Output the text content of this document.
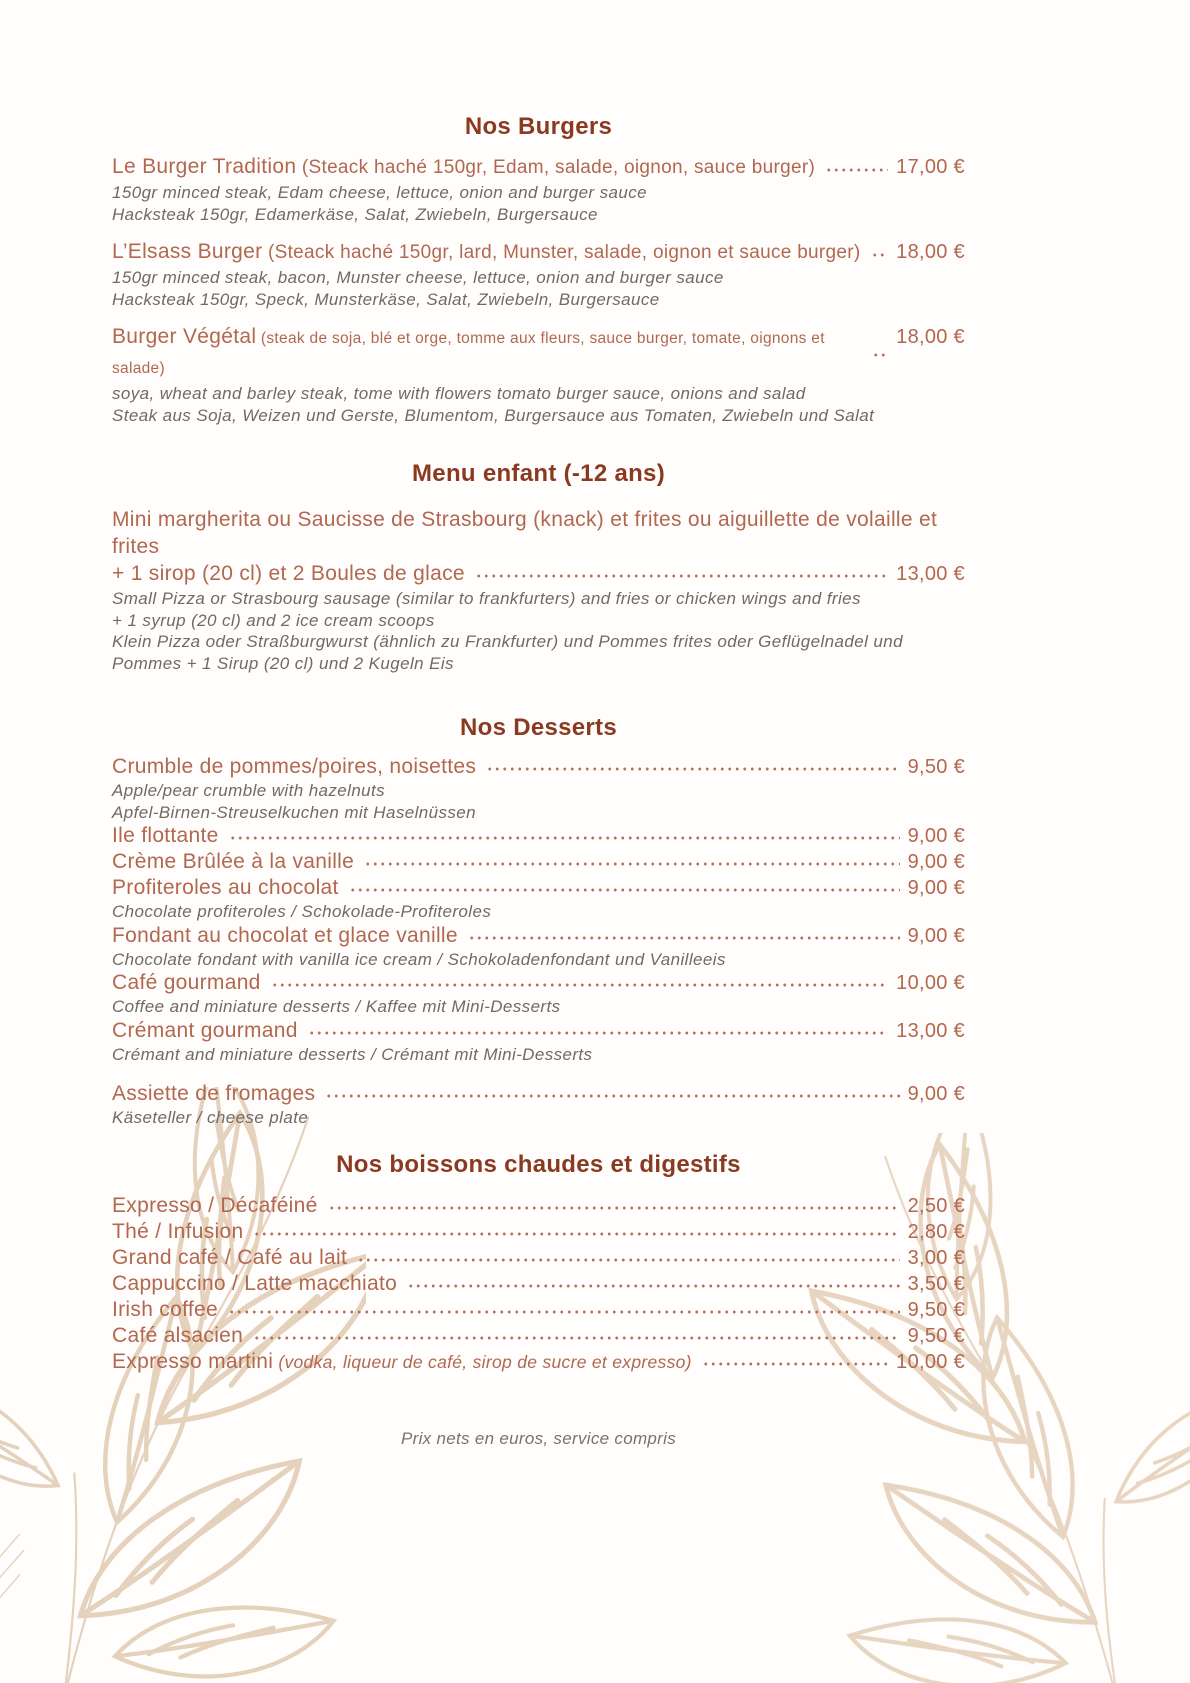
Nos Burgers
Le Burger Tradition (Steack haché 150gr, Edam, salade, oignon, sauce burger)	17,00 €
150gr minced steak, Edam cheese, lettuce, onion and burger sauce
Hacksteak 150gr, Edamerkäse, Salat, Zwiebeln, Burgersauce
L’Elsass Burger (Steack haché 150gr, lard, Munster, salade, oignon et sauce burger) 18,00 €
150gr minced steak, bacon, Munster cheese, lettuce, onion and burger sauce
Hacksteak 150gr, Speck, Munsterkäse, Salat, Zwiebeln, Burgersauce
Burger Végétal (steak de soja, blé et orge, tomme aux fleurs, sauce burger, tomate, oignons et salade)
18,00 €
soya, wheat and barley steak, tome with flowers tomato burger sauce, onions and salad
Steak aus Soja, Weizen und Gerste, Blumentom, Burgersauce aus Tomaten, Zwiebeln und Salat
Menu enfant (-12 ans)
Mini margherita ou Saucisse de Strasbourg (knack) et frites ou aiguillette de volaille et frites
+ 1 sirop (20 cl) et 2 Boules de glace	13,00 €
Small Pizza or Strasbourg sausage (similar to frankfurters) and fries or chicken wings and fries
+ 1 syrup (20 cl) and 2 ice cream scoops
Klein Pizza oder Straßburgwurst (ähnlich zu Frankfurter) und Pommes frites oder Geflügelnadel und
Pommes + 1 Sirup (20 cl) und 2 Kugeln Eis
Nos Desserts
Crumble de pommes/poires, noisettes	9,50 €
Apple/pear crumble with hazelnuts
Apfel-Birnen-Streuselkuchen mit Haselnüssen
Ile flottante	9,00 €
Crème Brûlée à la vanille	9,00 €
Profiteroles au chocolat	9,00 €
Chocolate profiteroles / Schokolade-Profiteroles
Fondant au chocolat et glace vanille	9,00 €
Chocolate fondant with vanilla ice cream / Schokoladenfondant und Vanilleeis
Café gourmand	10,00 €
Coffee and miniature desserts / Kaffee mit Mini-Desserts
Crémant gourmand	13,00 €
Crémant and miniature desserts / Crémant mit Mini-Desserts
Assiette de fromages	9,00 €
Käseteller / cheese plate
Nos boissons chaudes et digestifs
Expresso / Décaféiné	2,50 €
Thé / Infusion	2,80 €
Grand café / Café au lait	3,00 €
Cappuccino / Latte macchiato	3,50 €
Irish coffee	9,50 €
Café alsacien	9,50 €
Expresso martini (vodka, liqueur de café, sirop de sucre et expresso)	10,00 €
Prix nets en euros, service compris
